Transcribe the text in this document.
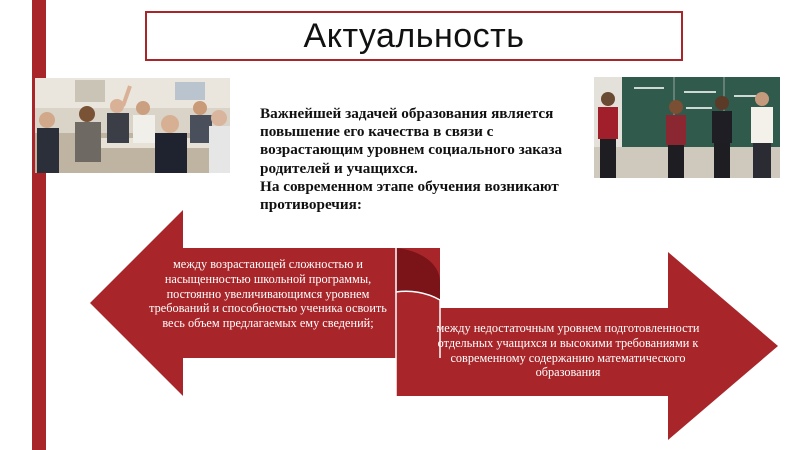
Актуальность

Важнейшей задачей образования является повышение его качества в связи с возрастающим уровнем социального заказа родителей и учащихся.

На современном этапе обучения возникают противоречия:

между возрастающей сложностью и насыщенностью школьной программы, постоянно увеличивающимся уровнем требований и способностью ученика освоить весь объем предлагаемых ему сведений;	между недостаточным уровнем подготовленности отдельных учащихся и высокими требованиями к современному содержанию математического образования
